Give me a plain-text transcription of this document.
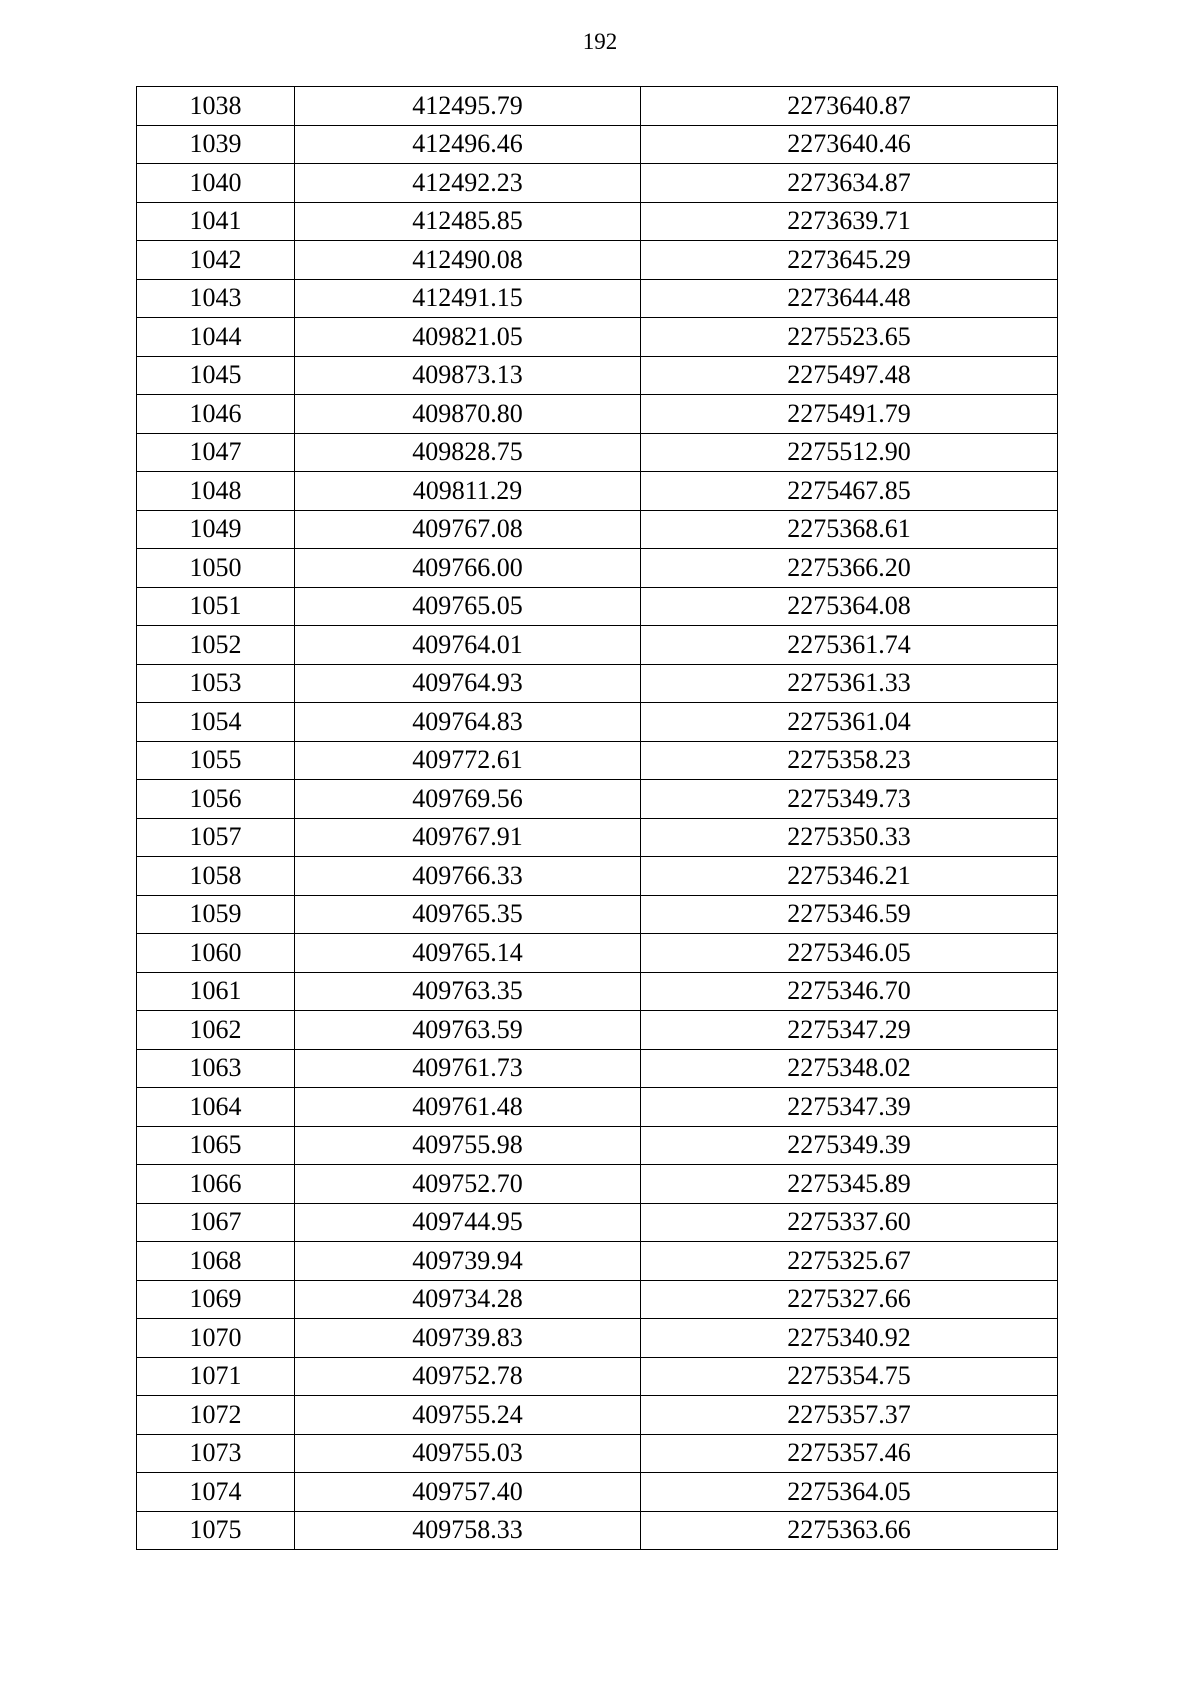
192
1038	412495.79	2273640.87
1039	412496.46	2273640.46
1040	412492.23	2273634.87
1041	412485.85	2273639.71
1042	412490.08	2273645.29
1043	412491.15	2273644.48
1044	409821.05	2275523.65
1045	409873.13	2275497.48
1046	409870.80	2275491.79
1047	409828.75	2275512.90
1048	409811.29	2275467.85
1049	409767.08	2275368.61
1050	409766.00	2275366.20
1051	409765.05	2275364.08
1052	409764.01	2275361.74
1053	409764.93	2275361.33
1054	409764.83	2275361.04
1055	409772.61	2275358.23
1056	409769.56	2275349.73
1057	409767.91	2275350.33
1058	409766.33	2275346.21
1059	409765.35	2275346.59
1060	409765.14	2275346.05
1061	409763.35	2275346.70
1062	409763.59	2275347.29
1063	409761.73	2275348.02
1064	409761.48	2275347.39
1065	409755.98	2275349.39
1066	409752.70	2275345.89
1067	409744.95	2275337.60
1068	409739.94	2275325.67
1069	409734.28	2275327.66
1070	409739.83	2275340.92
1071	409752.78	2275354.75
1072	409755.24	2275357.37
1073	409755.03	2275357.46
1074	409757.40	2275364.05
1075	409758.33	2275363.66
